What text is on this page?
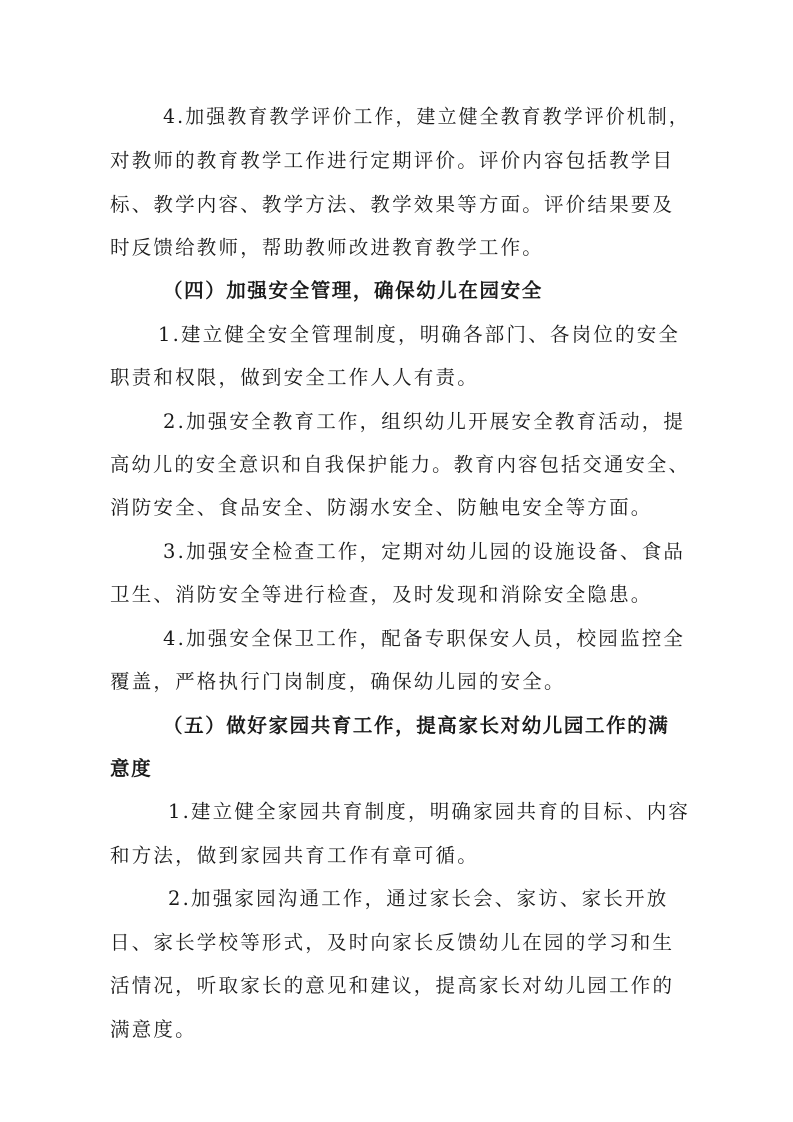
4.加强教育教学评价工作，建立健全教育教学评价机制，
对教师的教育教学工作进行定期评价。评价内容包括教学目
标、教学内容、教学方法、教学效果等方面。评价结果要及
时反馈给教师，帮助教师改进教育教学工作。
（四）加强安全管理，确保幼儿在园安全
1.建立健全安全管理制度，明确各部门、各岗位的安全
职责和权限，做到安全工作人人有责。
2.加强安全教育工作，组织幼儿开展安全教育活动，提
高幼儿的安全意识和自我保护能力。教育内容包括交通安全、
消防安全、食品安全、防溺水安全、防触电安全等方面。
3.加强安全检查工作，定期对幼儿园的设施设备、食品
卫生、消防安全等进行检查，及时发现和消除安全隐患。
4.加强安全保卫工作，配备专职保安人员，校园监控全
覆盖，严格执行门岗制度，确保幼儿园的安全。
（五）做好家园共育工作，提高家长对幼儿园工作的满
意度
1.建立健全家园共育制度，明确家园共育的目标、内容
和方法，做到家园共育工作有章可循。
2.加强家园沟通工作，通过家长会、家访、家长开放
日、家长学校等形式，及时向家长反馈幼儿在园的学习和生
活情况，听取家长的意见和建议，提高家长对幼儿园工作的
满意度。
